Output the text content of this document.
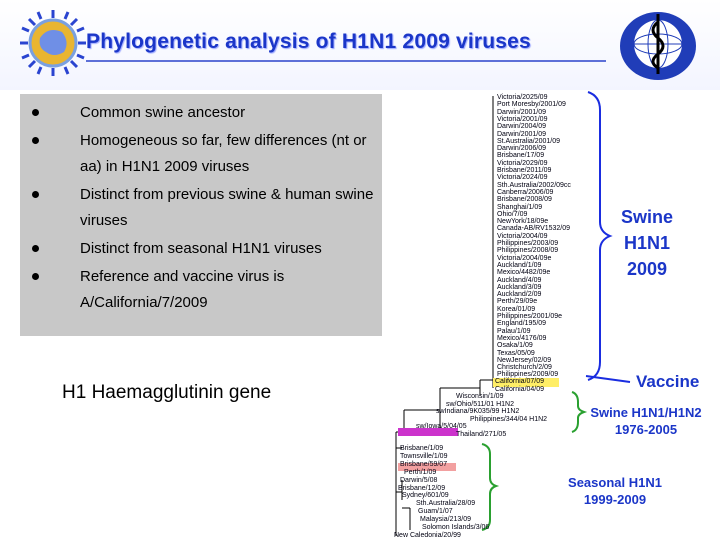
Phylogenetic analysis of H1N1 2009 viruses
Common swine ancestor
Homogeneous so far, few differences (nt or aa) in H1N1 2009 viruses
Distinct from previous swine & human swine viruses
Distinct from seasonal H1N1 viruses
Reference and vaccine virus is A/California/7/2009
H1 Haemagglutinin gene
Victoria/2025/09
Port Moresby/2001/09
Darwin/2001/09
Victoria/2001/09
Darwin/2004/09
Darwin/2001/09
St.Australia/2001/09
Darwin/2006/09
Brisbane/17/09
Victoria/2029/09
Brisbane/2011/09
Victoria/2024/09
Sth.Australia/2002/09cc
Canberra/2006/09
Brisbane/2008/09
Shanghai/1/09
Ohio/7/09
NewYork/18/09e
Canada-AB/RV1532/09
Victoria/2004/09
Philippines/2003/09
Philippines/2008/09
Victoria/2004/09e
Auckland/1/09
Mexico/4482/09e
Auckland/4/09
Auckland/3/09
Auckland/2/09
Perth/29/09e
Korea/01/09
Philippines/2001/09e
England/195/09
Palau/1/09
Mexico/4176/09
Osaka/1/09
Texas/05/09
NewJersey/02/09
Christchurch/2/09
Philippines/2009/09
California/07/09
California/04/09
Wisconsin/1/09
sw/Ohio/511/01 H1N2
swIndiana/9K035/99 H1N2
Philippines/344/04 H1N2
sw/Iowa/5/04/05
Thailand/271/05
Brisbane/1/09
Townsville/1/09
Brisbane/59/07
Perth/1/09
Darwin/5/08
Brisbane/12/09
Sydney/601/09
Sth.Australia/28/09
Guam/1/07
Malaysia/213/09
Solomon Islands/3/06
New Caledonia/20/99
Swine H1N1 2009
Vaccine
Swine H1N1/H1N2 1976-2005
Seasonal H1N1 1999-2009
